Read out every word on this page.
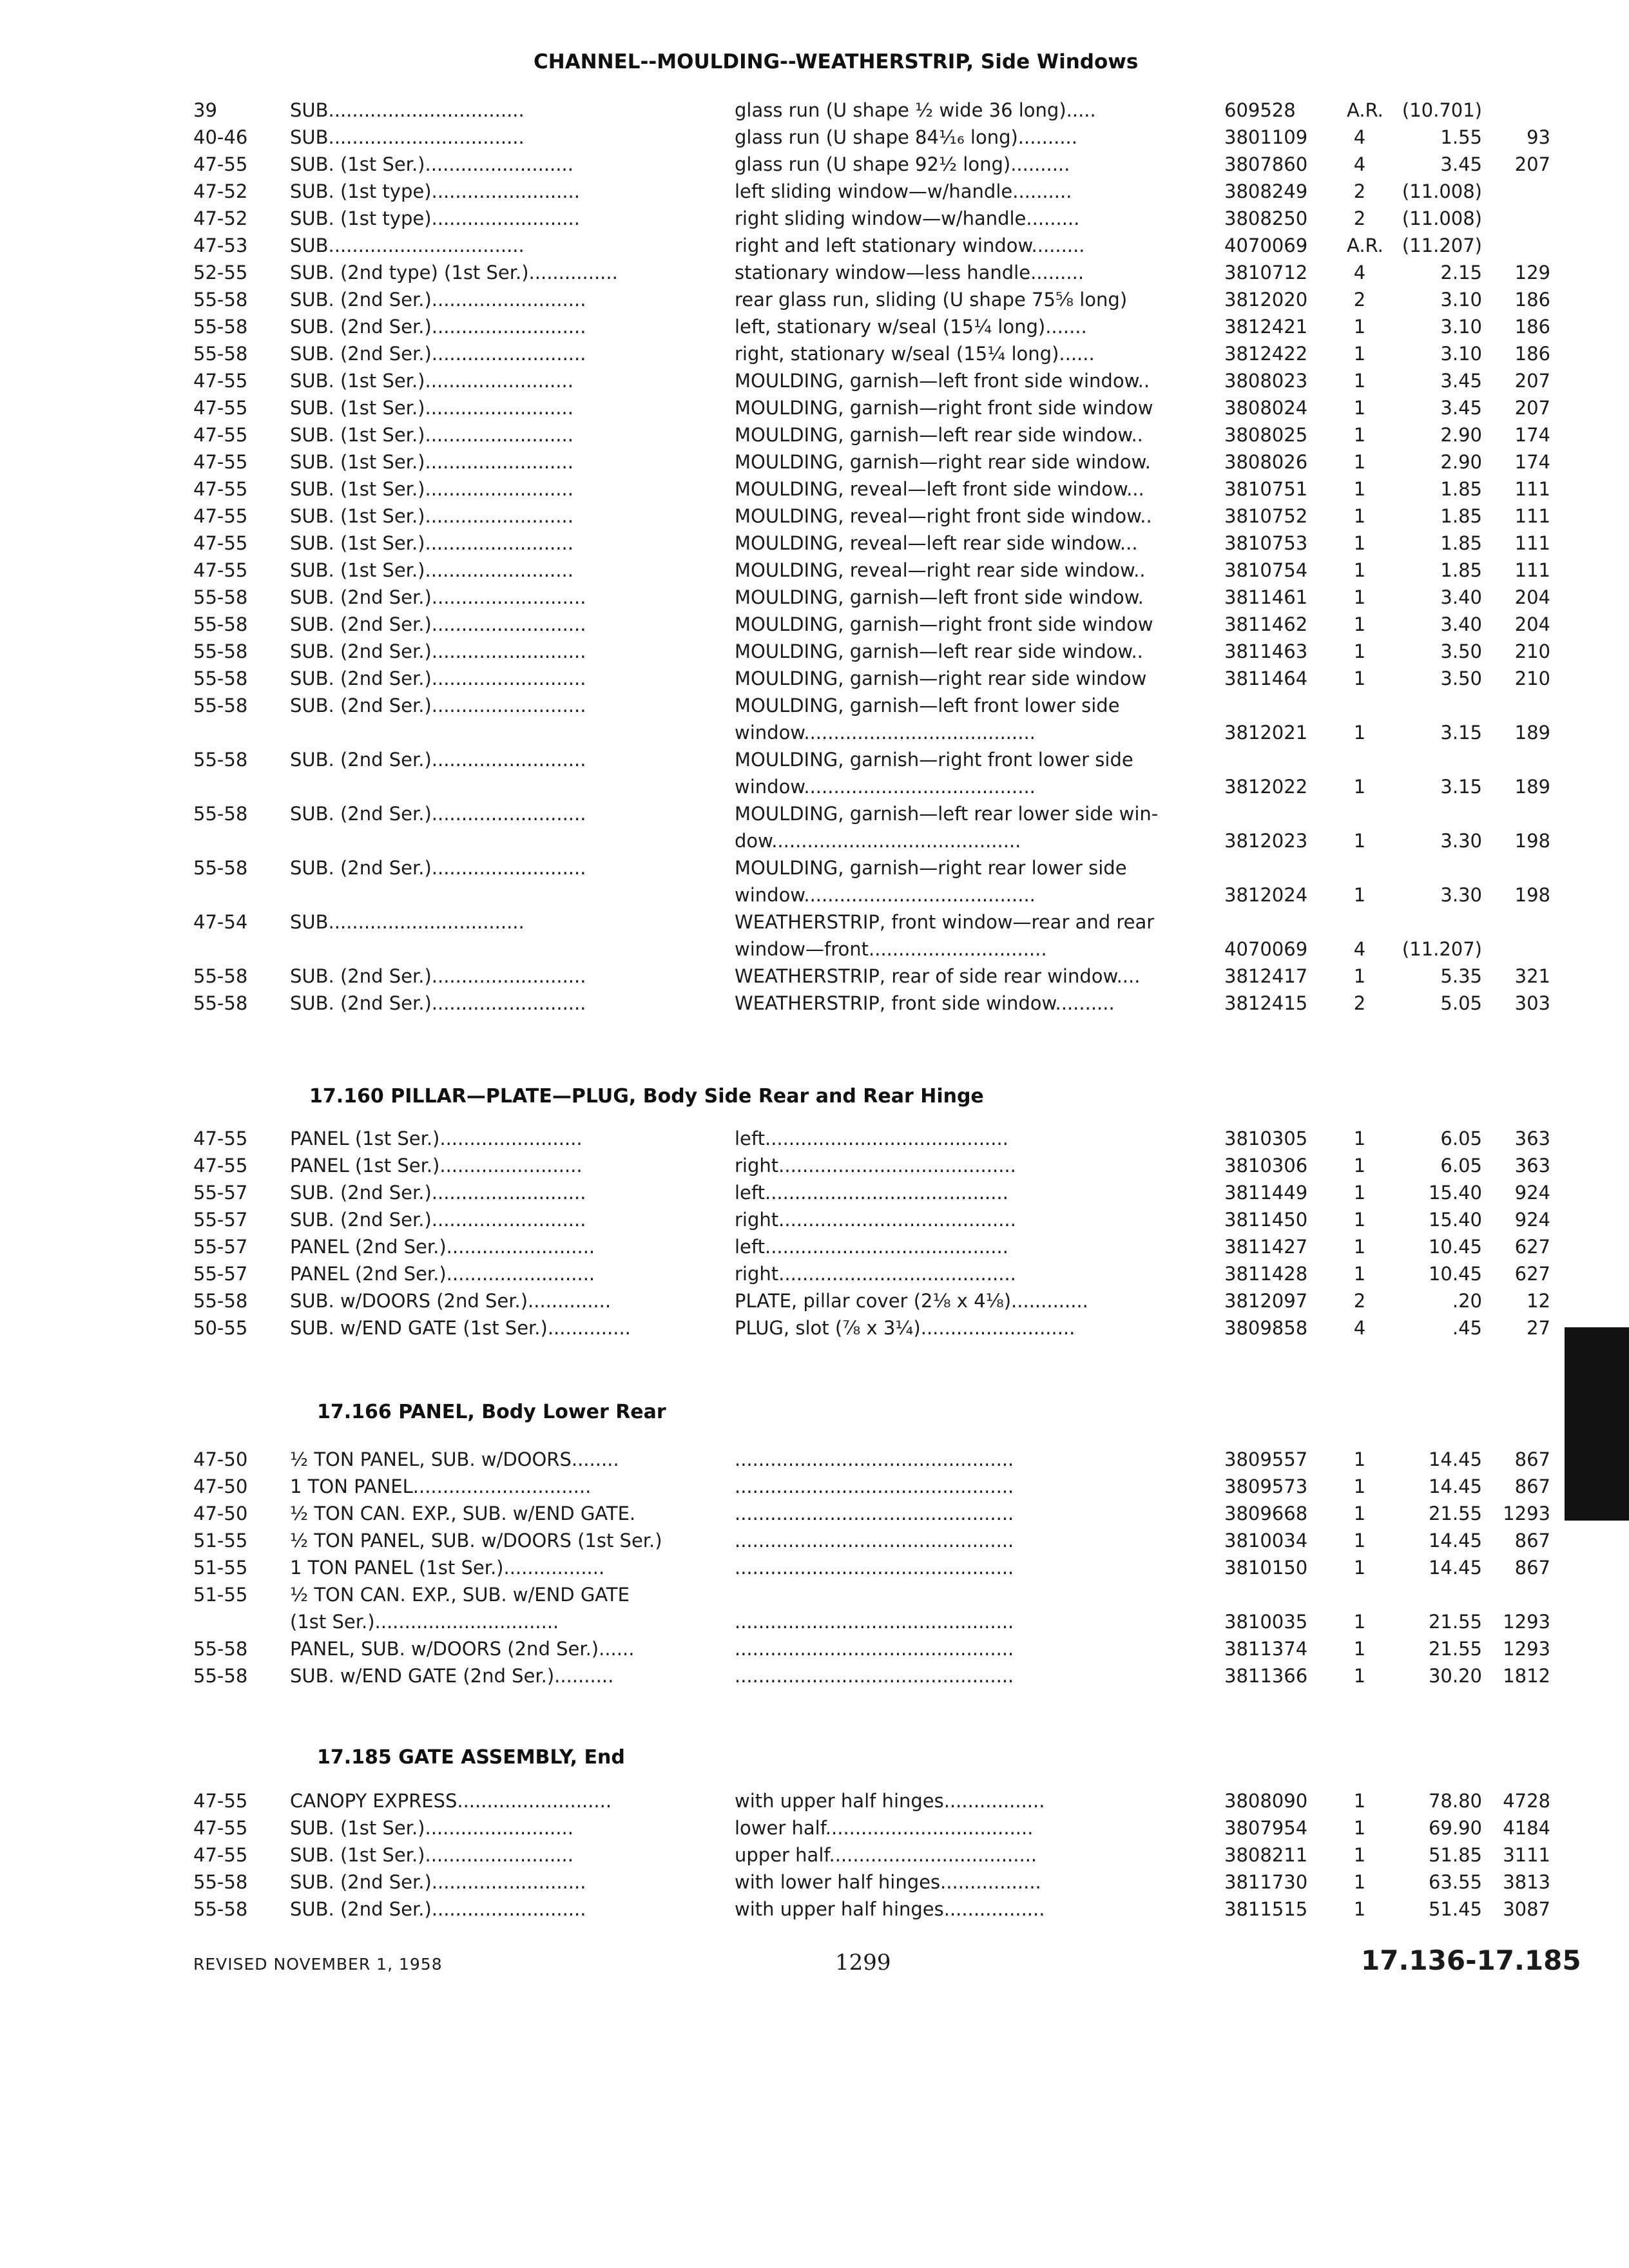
CHANNEL--MOULDING--WEATHERSTRIP, Side Windows
39	SUB.................................	glass run (U shape ½ wide 36 long).....	609528	A.R.	(10.701)
40-46	SUB.................................	glass run (U shape 84¹⁄₁₆ long)..........	3801109	4	1.55	93
47-55	SUB. (1st Ser.).........................	glass run (U shape 92½ long)..........	3807860	4	3.45	207
47-52	SUB. (1st type).........................	left sliding window—w/handle..........	3808249	2	(11.008)
47-52	SUB. (1st type).........................	right sliding window—w/handle.........	3808250	2	(11.008)
47-53	SUB.................................	right and left stationary window.........	4070069	A.R.	(11.207)
52-55	SUB. (2nd type) (1st Ser.)...............	stationary window—less handle.........	3810712	4	2.15	129
55-58	SUB. (2nd Ser.)..........................	rear glass run, sliding (U shape 75⅝ long)	3812020	2	3.10	186
55-58	SUB. (2nd Ser.)..........................	left, stationary w/seal (15¼ long).......	3812421	1	3.10	186
55-58	SUB. (2nd Ser.)..........................	right, stationary w/seal (15¼ long)......	3812422	1	3.10	186
47-55	SUB. (1st Ser.).........................	MOULDING, garnish—left front side window..	3808023	1	3.45	207
47-55	SUB. (1st Ser.).........................	MOULDING, garnish—right front side window	3808024	1	3.45	207
47-55	SUB. (1st Ser.).........................	MOULDING, garnish—left rear side window..	3808025	1	2.90	174
47-55	SUB. (1st Ser.).........................	MOULDING, garnish—right rear side window.	3808026	1	2.90	174
47-55	SUB. (1st Ser.).........................	MOULDING, reveal—left front side window...	3810751	1	1.85	111
47-55	SUB. (1st Ser.).........................	MOULDING, reveal—right front side window..	3810752	1	1.85	111
47-55	SUB. (1st Ser.).........................	MOULDING, reveal—left rear side window...	3810753	1	1.85	111
47-55	SUB. (1st Ser.).........................	MOULDING, reveal—right rear side window..	3810754	1	1.85	111
55-58	SUB. (2nd Ser.)..........................	MOULDING, garnish—left front side window.	3811461	1	3.40	204
55-58	SUB. (2nd Ser.)..........................	MOULDING, garnish—right front side window	3811462	1	3.40	204
55-58	SUB. (2nd Ser.)..........................	MOULDING, garnish—left rear side window..	3811463	1	3.50	210
55-58	SUB. (2nd Ser.)..........................	MOULDING, garnish—right rear side window	3811464	1	3.50	210
55-58	SUB. (2nd Ser.)..........................	MOULDING, garnish—left front lower side
window.......................................	3812021	1	3.15	189
55-58	SUB. (2nd Ser.)..........................	MOULDING, garnish—right front lower side
window.......................................	3812022	1	3.15	189
55-58	SUB. (2nd Ser.)..........................	MOULDING, garnish—left rear lower side win-
dow..........................................	3812023	1	3.30	198
55-58	SUB. (2nd Ser.)..........................	MOULDING, garnish—right rear lower side
window.......................................	3812024	1	3.30	198
47-54	SUB.................................	WEATHERSTRIP, front window—rear and rear
window—front..............................	4070069	4	(11.207)
55-58	SUB. (2nd Ser.)..........................	WEATHERSTRIP, rear of side rear window....	3812417	1	5.35	321
55-58	SUB. (2nd Ser.)..........................	WEATHERSTRIP, front side window..........	3812415	2	5.05	303
17.160 PILLAR—PLATE—PLUG, Body Side Rear and Rear Hinge
47-55	PANEL (1st Ser.)........................	left.........................................	3810305	1	6.05	363
47-55	PANEL (1st Ser.)........................	right........................................	3810306	1	6.05	363
55-57	SUB. (2nd Ser.)..........................	left.........................................	3811449	1	15.40	924
55-57	SUB. (2nd Ser.)..........................	right........................................	3811450	1	15.40	924
55-57	PANEL (2nd Ser.).........................	left.........................................	3811427	1	10.45	627
55-57	PANEL (2nd Ser.).........................	right........................................	3811428	1	10.45	627
55-58	SUB. w/DOORS (2nd Ser.)..............	PLATE, pillar cover (2⅛ x 4⅛).............	3812097	2	.20	12
50-55	SUB. w/END GATE (1st Ser.)..............	PLUG, slot (⅞ x 3¼)..........................	3809858	4	.45	27
17.166 PANEL, Body Lower Rear
47-50	½ TON PANEL, SUB. w/DOORS........	...............................................	3809557	1	14.45	867
47-50	1 TON PANEL..............................	...............................................	3809573	1	14.45	867
47-50	½ TON CAN. EXP., SUB. w/END GATE.	...............................................	3809668	1	21.55	1293
51-55	½ TON PANEL, SUB. w/DOORS (1st Ser.)	...............................................	3810034	1	14.45	867
51-55	1 TON PANEL (1st Ser.).................	...............................................	3810150	1	14.45	867
51-55	½ TON CAN. EXP., SUB. w/END GATE
(1st Ser.)...............................	...............................................	3810035	1	21.55	1293
55-58	PANEL, SUB. w/DOORS (2nd Ser.)......	...............................................	3811374	1	21.55	1293
55-58	SUB. w/END GATE (2nd Ser.)..........	...............................................	3811366	1	30.20	1812
17.185 GATE ASSEMBLY, End
47-55	CANOPY EXPRESS..........................	with upper half hinges.................	3808090	1	78.80	4728
47-55	SUB. (1st Ser.).........................	lower half...................................	3807954	1	69.90	4184
47-55	SUB. (1st Ser.).........................	upper half...................................	3808211	1	51.85	3111
55-58	SUB. (2nd Ser.)..........................	with lower half hinges.................	3811730	1	63.55	3813
55-58	SUB. (2nd Ser.)..........................	with upper half hinges.................	3811515	1	51.45	3087
REVISED NOVEMBER 1, 1958	1299	17.136-17.185
